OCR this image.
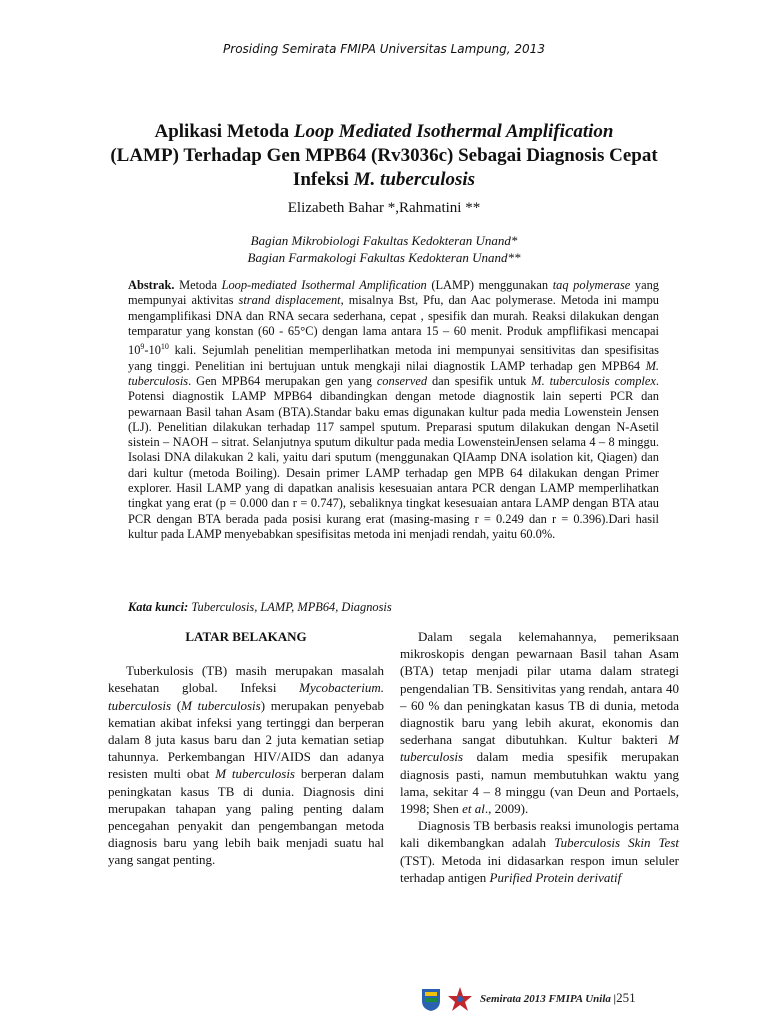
Prosiding Semirata FMIPA Universitas Lampung, 2013
Aplikasi Metoda Loop Mediated Isothermal Amplification
(LAMP) Terhadap Gen MPB64 (Rv3036c) Sebagai Diagnosis Cepat Infeksi M. tuberculosis
Elizabeth Bahar *,Rahmatini **
Bagian Mikrobiologi Fakultas Kedokteran Unand*
Bagian Farmakologi Fakultas Kedokteran Unand**
Abstrak. Metoda Loop-mediated Isothermal Amplification (LAMP) menggunakan taq polymerase yang mempunyai aktivitas strand displacement, misalnya Bst, Pfu, dan Aac polymerase. Metoda ini mampu mengamplifikasi DNA dan RNA secara sederhana, cepat , spesifik dan murah. Reaksi dilakukan dengan temparatur yang konstan (60 - 65°C) dengan lama antara 15 – 60 menit. Produk ampflifikasi mencapai $10^9-10^{10}$ kali. Sejumlah penelitian memperlihatkan metoda ini mempunyai sensitivitas dan spesifisitas yang tinggi. Penelitian ini bertujuan untuk mengkaji nilai diagnostik LAMP terhadap gen MPB64 M. tuberculosis. Gen MPB64 merupakan gen yang conserved dan spesifik untuk M. tuberculosis complex. Potensi diagnostik LAMP MPB64 dibandingkan dengan metode diagnostik lain seperti PCR dan pewarnaan Basil tahan Asam (BTA).Standar baku emas digunakan kultur pada media Lowenstein Jensen (LJ). Penelitian dilakukan terhadap 117 sampel sputum. Preparasi sputum dilakukan dengan N-Asetil sistein – NAOH – sitrat. Selanjutnya sputum dikultur pada media LowensteinJensen selama 4 – 8 minggu. Isolasi DNA dilakukan 2 kali, yaitu dari sputum (menggunakan QIAamp DNA isolation kit, Qiagen) dan dari kultur (metoda Boiling). Desain primer LAMP terhadap gen MPB 64 dilakukan dengan Primer explorer. Hasil LAMP yang di dapatkan analisis kesesuaian antara PCR dengan LAMP memperlihatkan tingkat yang erat (p = 0.000 dan r = 0.747), sebaliknya tingkat kesesuaian antara LAMP dengan BTA atau PCR dengan BTA berada pada posisi kurang erat (masing-masing r = 0.249 dan r = 0.396).Dari hasil kultur pada LAMP menyebabkan spesifisitas metoda ini menjadi rendah, yaitu 60.0%.
Kata kunci: Tuberculosis, LAMP, MPB64, Diagnosis
LATAR BELAKANG

Tuberkulosis (TB) masih merupakan masalah kesehatan global. Infeksi Mycobacterium. tuberculosis (M tuberculosis) merupakan penyebab kematian akibat infeksi yang tertinggi dan berperan dalam 8 juta kasus baru dan 2 juta kematian setiap tahunnya. Perkembangan HIV/AIDS dan adanya resisten multi obat M tuberculosis berperan dalam peningkatan kasus TB di dunia. Diagnosis dini merupakan tahapan yang paling penting dalam pencegahan penyakit dan pengembangan metoda diagnosis baru yang lebih baik menjadi suatu hal yang sangat penting.

Dalam segala kelemahannya, pemeriksaan mikroskopis dengan pewarnaan Basil tahan Asam (BTA) tetap menjadi pilar utama dalam strategi pengendalian TB. Sensitivitas yang rendah, antara 40 – 60 % dan peningkatan kasus TB di dunia, metoda diagnostik baru yang lebih akurat, ekonomis dan sederhana sangat dibutuhkan. Kultur bakteri M tuberculosis dalam media spesifik merupakan diagnosis pasti, namun membutuhkan waktu yang lama, sekitar 4 – 8 minggu (van Deun and Portaels, 1998; Shen et al., 2009).

Diagnosis TB berbasis reaksi imunologis pertama kali dikembangkan adalah Tuberculosis Skin Test (TST). Metoda ini didasarkan respon imun seluler terhadap antigen Purified Protein derivatif

Semirata 2013 FMIPA Unila |251
